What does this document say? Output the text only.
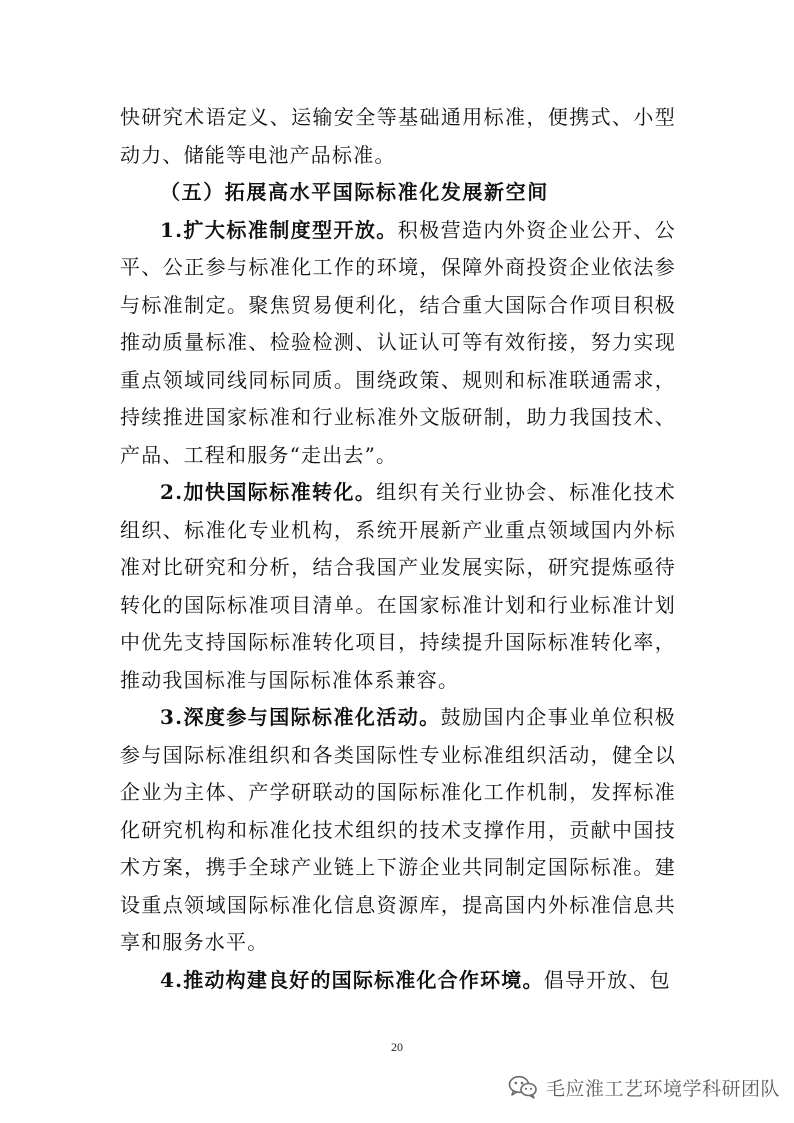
快研究术语定义、运输安全等基础通用标准，便携式、小型动力、储能等电池产品标准。

（五）拓展高水平国际标准化发展新空间

1.扩大标准制度型开放。积极营造内外资企业公开、公平、公正参与标准化工作的环境，保障外商投资企业依法参与标准制定。聚焦贸易便利化，结合重大国际合作项目积极推动质量标准、检验检测、认证认可等有效衔接，努力实现重点领域同线同标同质。围绕政策、规则和标准联通需求，持续推进国家标准和行业标准外文版研制，助力我国技术、产品、工程和服务“走出去”。

2.加快国际标准转化。组织有关行业协会、标准化技术组织、标准化专业机构，系统开展新产业重点领域国内外标准对比研究和分析，结合我国产业发展实际，研究提炼亟待转化的国际标准项目清单。在国家标准计划和行业标准计划中优先支持国际标准转化项目，持续提升国际标准转化率，推动我国标准与国际标准体系兼容。

3.深度参与国际标准化活动。鼓励国内企事业单位积极参与国际标准组织和各类国际性专业标准组织活动，健全以企业为主体、产学研联动的国际标准化工作机制，发挥标准化研究机构和标准化技术组织的技术支撑作用，贡献中国技术方案，携手全球产业链上下游企业共同制定国际标准。建设重点领域国际标准化信息资源库，提高国内外标准信息共享和服务水平。

4.推动构建良好的国际标准化合作环境。倡导开放、包

20
毛应淮工艺环境学科研团队
